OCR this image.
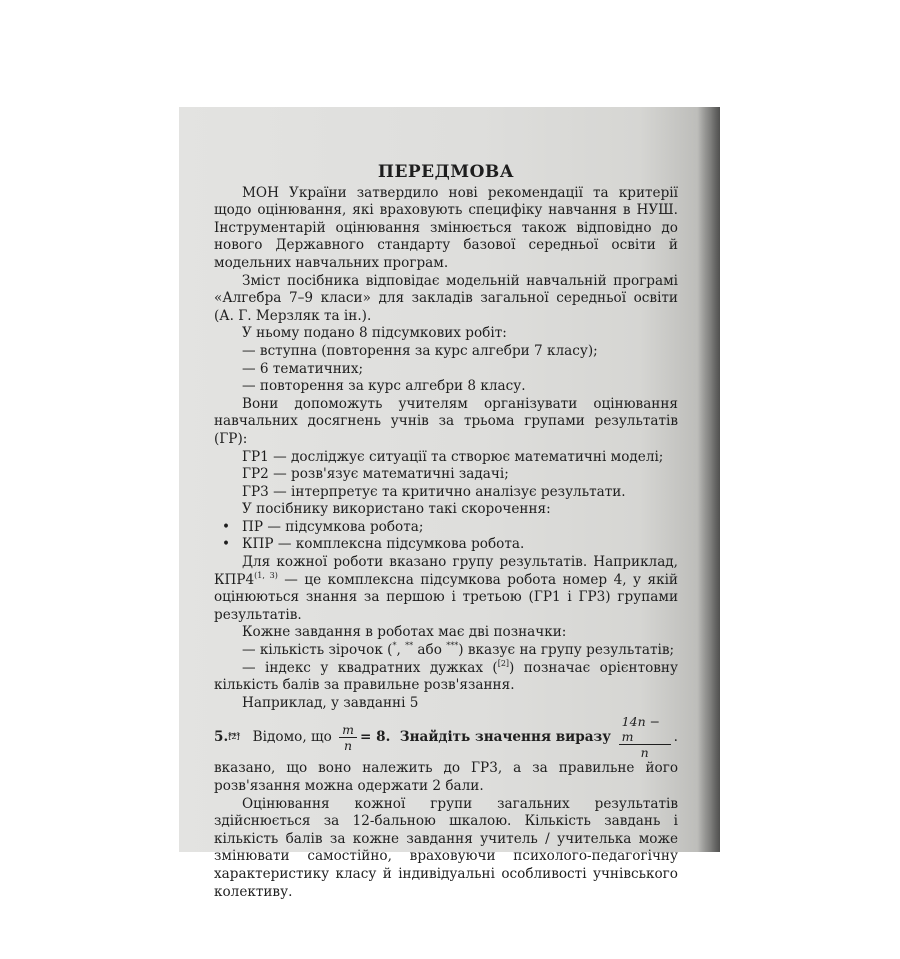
ПЕРЕДМОВА

МОН України затвердило нові рекомендації та критерії щодо оцінювання, які враховують специфіку навчання в НУШ. Інструментарій оцінювання змінюється також відповідно до нового Державного стандарту базової середньої освіти й модельних навчальних програм.

Зміст посібника відповідає модельній навчальній програмі «Алгебра 7–9 класи» для закладів загальної середньої освіти (А. Г. Мерзляк та ін.).

У ньому подано 8 підсумкових робіт:

— вступна (повторення за курс алгебри 7 класу);

— 6 тематичних;

— повторення за курс алгебри 8 класу.

Вони допоможуть учителям організувати оцінювання навчальних досягнень учнів за трьома групами результатів (ГР):

ГР1 — досліджує ситуації та створює математичні моделі;

ГР2 — розв'язує математичні задачі;

ГР3 — інтерпретує та критично аналізує результати.

У посібнику використано такі скорочення:

• ПР — підсумкова робота;

• КПР — комплексна підсумкова робота.

Для кожної роботи вказано групу результатів. Наприклад, КПР4$^{(1, 3)}$ — це комплексна підсумкова робота номер 4, у якій оцінюються знання за першою і третьою (ГР1 і ГР3) групами результатів.

Кожне завдання в роботах має дві позначки:

— кількість зірочок (*, ** або ***) вказує на групу результатів;

— індекс у квадратних дужках ([2]) позначає орієнтовну кількість балів за правильне розв'язання.

Наприклад, у завданні 5

5. ***[2] Відомо, що $\frac{m}{n} = 8$.  Знайдіть значення виразу $\frac{14n - m}{n}$ .

вказано, що воно належить до ГР3, а за правильне його розв'язання можна одержати 2 бали.

Оцінювання кожної групи загальних результатів здійснюється за 12-бальною шкалою. Кількість завдань і кількість балів за кожне завдання учитель / учителька може змінювати самостійно, враховуючи психолого-педагогічну характеристику класу й індивідуальні особливості учнівського колективу.
